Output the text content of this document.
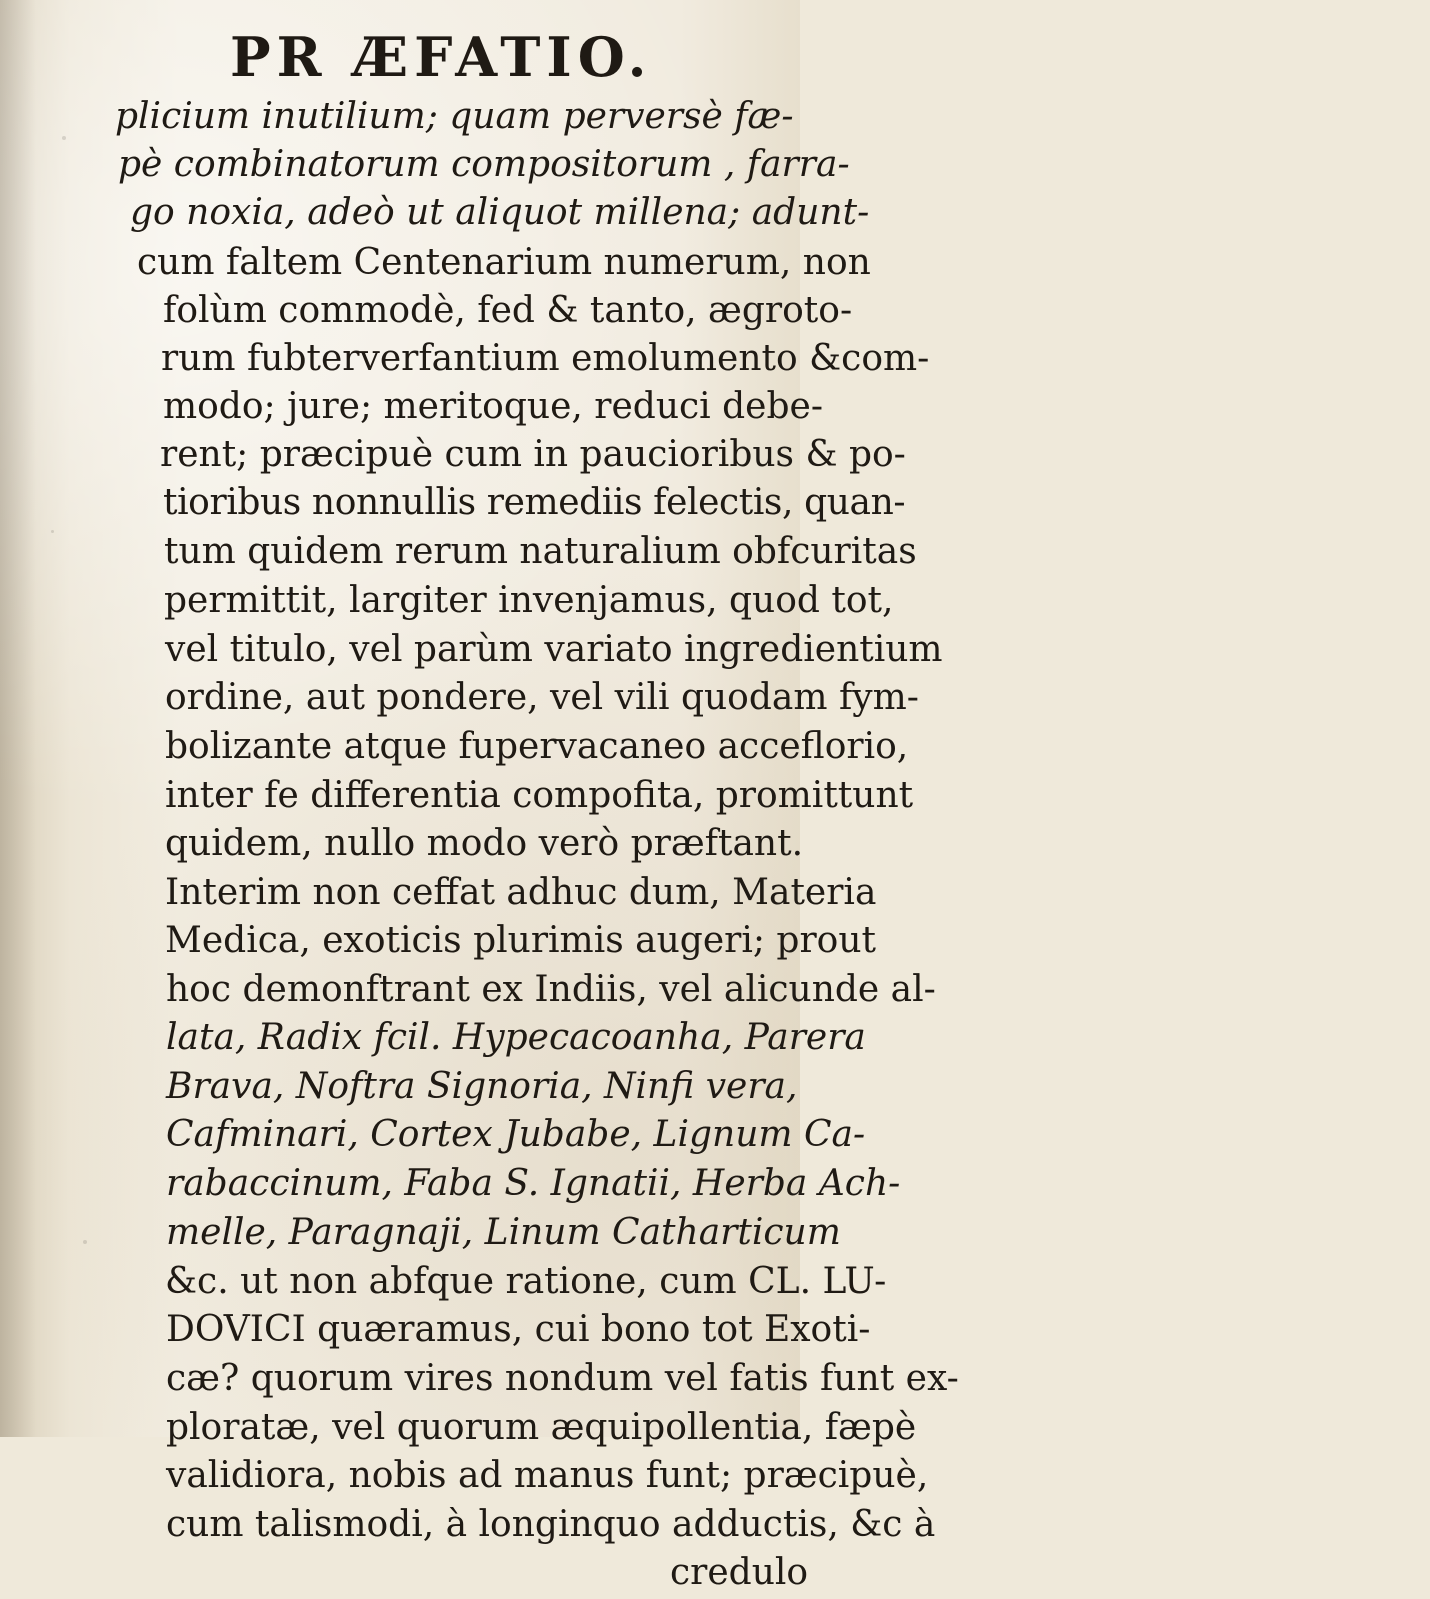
PR ÆFATIO.
plicium inutilium; quam perversè fæ-
pè combinatorum compositorum , farra-
go noxia, adeò ut aliquot millena; adunt-
cum faltem Centenarium numerum, non
folùm commodè, fed & tanto, ægroto-
rum fubterverfantium emolumento &com-
modo; jure; meritoque, reduci debe-
rent; præcipuè cum in paucioribus & po-
tioribus nonnullis remediis felectis, quan-
tum quidem rerum naturalium obfcuritas
permittit, largiter invenjamus, quod tot,
vel titulo, vel parùm variato ingredientium
ordine, aut pondere, vel vili quodam fym-
bolizante atque fupervacaneo acceflorio,
inter fe differentia compofita, promittunt
quidem, nullo modo verò præftant.
Interim non ceffat adhuc dum, Materia
Medica, exoticis plurimis augeri; prout
hoc demonftrant ex Indiis, vel alicunde al-
lata, Radix fcil. Hypecacoanha, Parera
Brava, Noftra Signoria, Ninfi vera,
Cafminari, Cortex Jubabe, Lignum Ca-
rabaccinum, Faba S. Ignatii, Herba Ach-
melle, Paragnaji, Linum Catharticum
&c. ut non abfque ratione, cum CL. LU-
DOVICI quæramus, cui bono tot Exoti-
cæ? quorum vires nondum vel fatis funt ex-
ploratæ, vel quorum æquipollentia, fæpè
validiora, nobis ad manus funt; præcipuè,
cum talismodi, à longinquo adductis, &c à
credulo
